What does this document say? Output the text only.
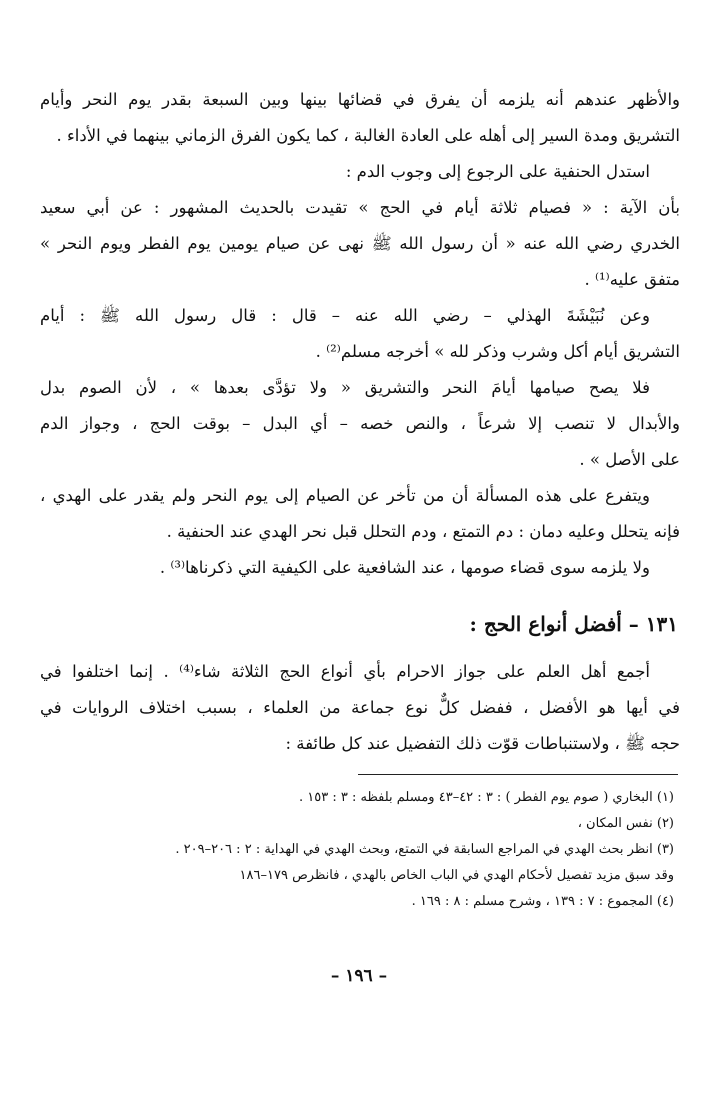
والأظهر عندهم أنه يلزمه أن يفرق في قضائها بينها وبين السبعة بقدر يوم النحر وأيام
التشريق ومدة السير إلى أهله على العادة الغالبة ، كما يكون الفرق الزماني بينهما في الأداء .
استدل الحنفية على الرجوع إلى وجوب الدم :
بأن الآية : « فصيام ثلاثة أيام في الحج » تقيدت بالحديث المشهور : عن أبي سعيد
الخدري رضي الله عنه « أن رسول الله ﷺ نهى عن صيام يومين يوم الفطر ويوم النحر »
متفق عليه⁽¹⁾ .
وعن نُبَيْشَةَ الهذلي – رضي الله عنه – قال : قال رسول الله ﷺ : أيام
التشريق أيام أكل وشرب وذكر لله » أخرجه مسلم⁽²⁾ .
فلا يصح صيامها أيامَ النحر والتشريق « ولا تؤدَّى بعدها » ، لأن الصوم بدل
والأبدال لا تنصب إلا شرعاً ، والنص خصه – أي البدل – بوقت الحج ، وجواز الدم
على الأصل » .
ويتفرع على هذه المسألة أن من تأخر عن الصيام إلى يوم النحر ولم يقدر على الهدي ،
فإنه يتحلل وعليه دمان : دم التمتع ، ودم التحلل قبل نحر الهدي عند الحنفية .
ولا يلزمه سوى قضاء صومها ، عند الشافعية على الكيفية التي ذكرناها⁽³⁾ .
١٣١ – أفضل أنواع الحج :
أجمع أهل العلم على جواز الاحرام بأي أنواع الحج الثلاثة شاء⁽⁴⁾ . إنما اختلفوا في
في أيها هو الأفضل ، ففضل كلٌّ نوع جماعة من العلماء ، بسبب اختلاف الروايات في
حجه ﷺ ، ولاستنباطات قوّت ذلك التفضيل عند كل طائفة :
(١) البخاري ( صوم يوم الفطر ) : ٣ : ٤٢–٤٣ ومسلم بلفظه : ٣ : ١٥٣ .
(٢) نفس المكان ،
(٣) انظر بحث الهدي في المراجع السابقة في التمتع، وبحث الهدي في الهداية : ٢ : ٢٠٦–٢٠٩ .
وقد سبق مزيد تفصيل لأحكام الهدي في الباب الخاص بالهدي ، فانظرص ١٧٩–١٨٦
(٤) المجموع : ٧ : ١٣٩ ، وشرح مسلم : ٨ : ١٦٩ .
– ١٩٦ –
